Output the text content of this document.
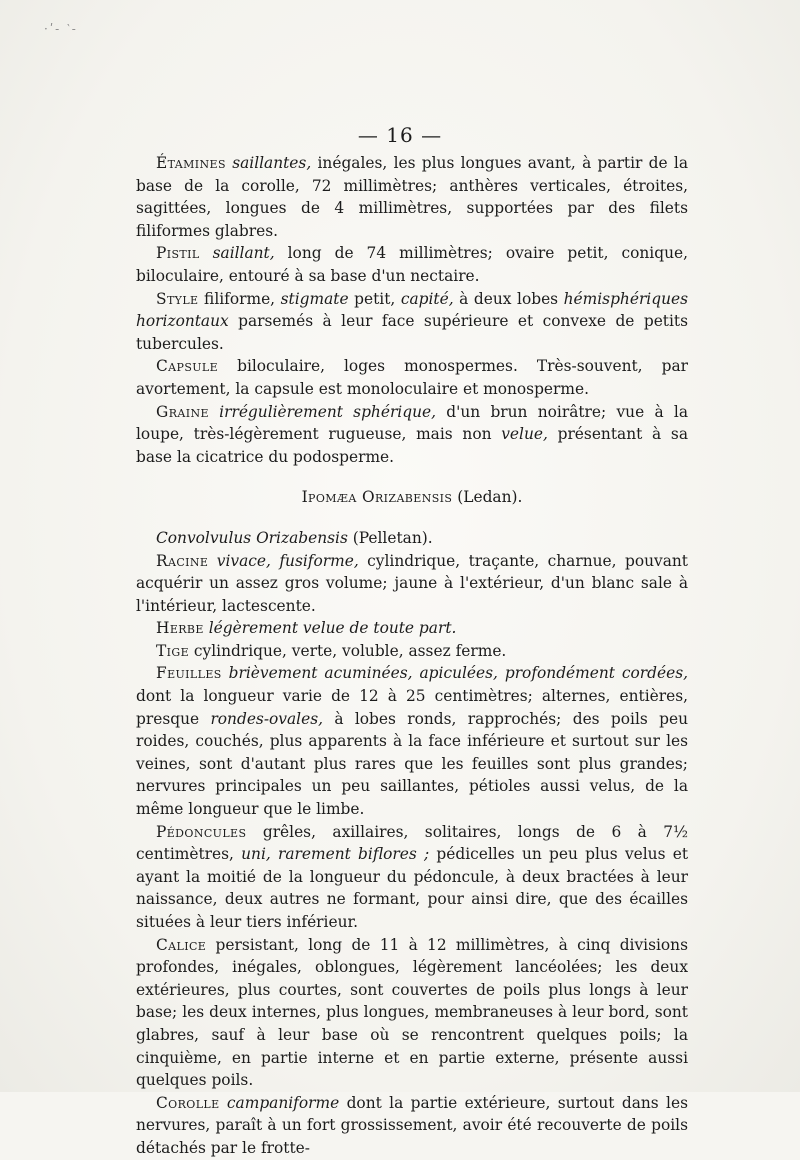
·ʹ- ‵-
— 16 —

Étamines saillantes, inégales, les plus longues avant, à partir de la base de la corolle, 72 millimètres; anthères verticales, étroites, sagittées, longues de 4 millimètres, supportées par des filets filiformes glabres.

Pistil saillant, long de 74 millimètres; ovaire petit, conique, biloculaire, entouré à sa base d'un nectaire.

Style filiforme, stigmate petit, capité, à deux lobes hémisphériques horizontaux parsemés à leur face supérieure et convexe de petits tubercules.

Capsule biloculaire, loges monospermes. Très-souvent, par avortement, la capsule est monoloculaire et monosperme.

Graine irrégulièrement sphérique, d'un brun noirâtre; vue à la loupe, très-légèrement rugueuse, mais non velue, présentant à sa base la cicatrice du podosperme.

Ipomæa Orizabensis (Ledan).

Convolvulus Orizabensis (Pelletan).

Racine vivace, fusiforme, cylindrique, traçante, charnue, pouvant acquérir un assez gros volume; jaune à l'extérieur, d'un blanc sale à l'intérieur, lactescente.

Herbe légèrement velue de toute part.

Tige cylindrique, verte, voluble, assez ferme.

Feuilles brièvement acuminées, apiculées, profondément cordées, dont la longueur varie de 12 à 25 centimètres; alternes, entières, presque rondes-ovales, à lobes ronds, rapprochés; des poils peu roides, couchés, plus apparents à la face inférieure et surtout sur les veines, sont d'autant plus rares que les feuilles sont plus grandes; nervures principales un peu saillantes, pétioles aussi velus, de la même longueur que le limbe.

Pédoncules grêles, axillaires, solitaires, longs de 6 à 7½ centimètres, uni, rarement biflores ; pédicelles un peu plus velus et ayant la moitié de la longueur du pédoncule, à deux bractées à leur naissance, deux autres ne formant, pour ainsi dire, que des écailles situées à leur tiers inférieur.

Calice persistant, long de 11 à 12 millimètres, à cinq divisions profondes, inégales, oblongues, légèrement lancéolées; les deux extérieures, plus courtes, sont couvertes de poils plus longs à leur base; les deux internes, plus longues, membraneuses à leur bord, sont glabres, sauf à leur base où se rencontrent quelques poils; la cinquième, en partie interne et en partie externe, présente aussi quelques poils.

Corolle campaniforme dont la partie extérieure, surtout dans les nervures, paraît à un fort grossissement, avoir été recouverte de poils détachés par le frotte-
